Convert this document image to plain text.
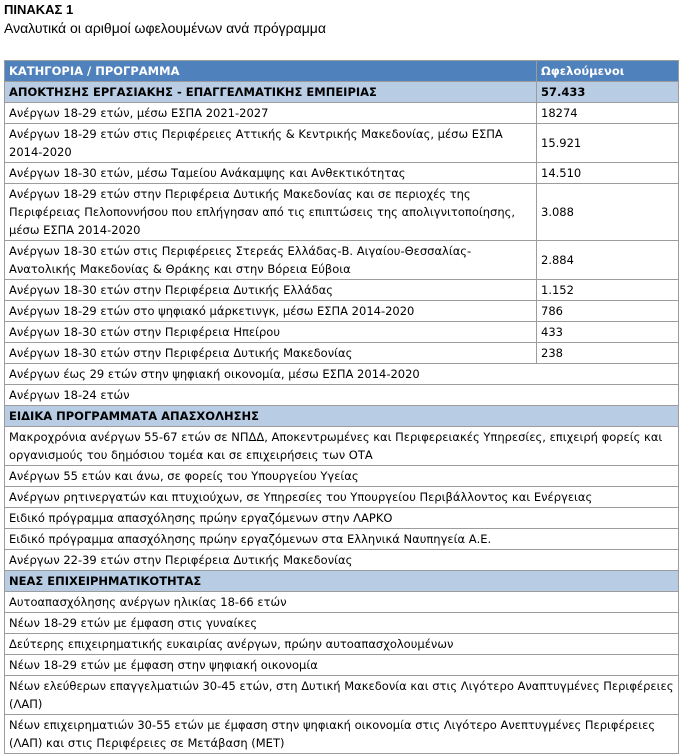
ΠΙΝΑΚΑΣ 1
Αναλυτικά οι αριθμοί ωφελουμένων ανά πρόγραμμα
ΚΑΤΗΓΟΡΙΑ / ΠΡΟΓΡΑΜΜΑ	Ωφελούμενοι
ΑΠΟΚΤΗΣΗΣ ΕΡΓΑΣΙΑΚΗΣ - ΕΠΑΓΓΕΛΜΑΤΙΚΗΣ ΕΜΠΕΙΡΙΑΣ	57.433
Ανέργων 18-29 ετών, μέσω ΕΣΠΑ 2021-2027	18274
Ανέργων 18-29 ετών στις Περιφέρειες Αττικής & Κεντρικής Μακεδονίας, μέσω ΕΣΠΑ 2014-2020	15.921
Ανέργων 18-30 ετών, μέσω Ταμείου Ανάκαμψης και Ανθεκτικότητας	14.510
Ανέργων 18-29 ετών στην Περιφέρεια Δυτικής Μακεδονίας και σε περιοχές της Περιφέρειας Πελοποννήσου που επλήγησαν από τις επιπτώσεις της απολιγνιτοποίησης, μέσω ΕΣΠΑ 2014-2020	3.088
Ανέργων 18-30 ετών στις Περιφέρειες Στερεάς Ελλάδας-Β. Αιγαίου-Θεσσαλίας-Ανατολικής Μακεδονίας & Θράκης και στην Βόρεια Εύβοια	2.884
Ανέργων 18-30 ετών στην Περιφέρεια Δυτικής Ελλάδας	1.152
Ανέργων 18-29 ετών στο ψηφιακό μάρκετινγκ, μέσω ΕΣΠΑ 2014-2020	786
Ανέργων 18-30 ετών στην Περιφέρεια Ηπείρου	433
Ανέργων 18-30 ετών στην Περιφέρεια Δυτικής Μακεδονίας	238
Ανέργων έως 29 ετών στην ψηφιακή οικονομία, μέσω ΕΣΠΑ 2014-2020	
Ανέργων 18-24 ετών	
ΕΙΔΙΚΑ ΠΡΟΓΡΑΜΜΑΤΑ ΑΠΑΣΧΟΛΗΣΗΣ	
Μακροχρόνια ανέργων 55-67 ετών σε ΝΠΔΔ, Αποκεντρωμένες και Περιφερειακές Υπηρεσίες, επιχειρή φορείς και οργανισμούς του δημόσιου τομέα και σε επιχειρήσεις των ΟΤΑ	
Ανέργων 55 ετών και άνω, σε φορείς του Υπουργείου Υγείας	
Ανέργων ρητινεργατών και πτυχιούχων, σε Υπηρεσίες του Υπουργείου Περιβάλλοντος και Ενέργειας	
Ειδικό πρόγραμμα απασχόλησης πρώην εργαζόμενων στην ΛΑΡΚΟ	
Ειδικό πρόγραμμα απασχόλησης πρώην εργαζόμενων στα Ελληνικά Ναυπηγεία Α.Ε.	
Ανέργων 22-39 ετών στην Περιφέρεια Δυτικής Μακεδονίας	
ΝΕΑΣ ΕΠΙΧΕΙΡΗΜΑΤΙΚΟΤΗΤΑΣ	
Αυτοαπασχόλησης ανέργων ηλικίας 18-66 ετών	
Νέων 18-29 ετών με έμφαση στις γυναίκες	
Δεύτερης επιχειρηματικής ευκαιρίας ανέργων, πρώην αυτοαπασχολουμένων	
Νέων 18-29 ετών με έμφαση στην ψηφιακή οικονομία	
Νέων ελεύθερων επαγγελματιών 30-45 ετών, στη Δυτική Μακεδονία και στις Λιγότερο Αναπτυγμένες Περιφέρειες (ΛΑΠ)	
Νέων επιχειρηματιών 30-55 ετών με έμφαση στην ψηφιακή οικονομία στις Λιγότερο Ανεπτυγμένες Περιφέρειες (ΛΑΠ) και στις Περιφέρειες σε Μετάβαση (ΜΕΤ)	
